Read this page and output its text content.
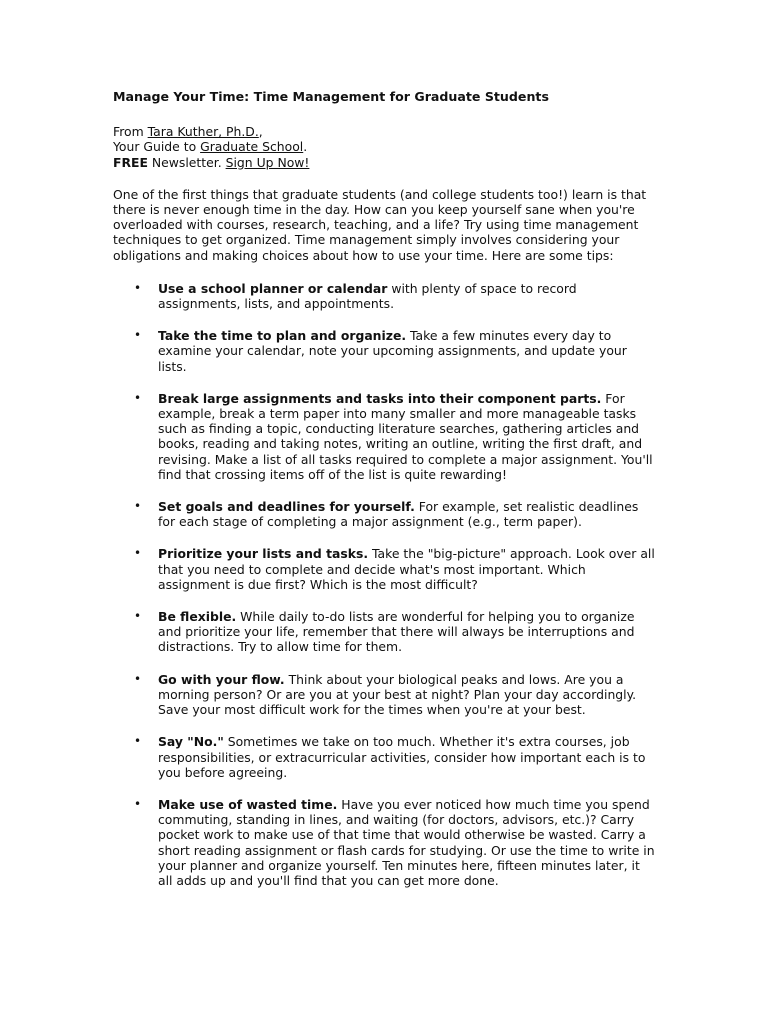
Manage Your Time: Time Management for Graduate Students
From Tara Kuther, Ph.D.,
Your Guide to Graduate School.
FREE Newsletter. Sign Up Now!

One of the first things that graduate students (and college students too!) learn is that there is never enough time in the day. How can you keep yourself sane when you're overloaded with courses, research, teaching, and a life? Try using time management techniques to get organized. Time management simply involves considering your obligations and making choices about how to use your time. Here are some tips:

• Use a school planner or calendar with plenty of space to record assignments, lists, and appointments.
• Take the time to plan and organize. Take a few minutes every day to examine your calendar, note your upcoming assignments, and update your lists.
• Break large assignments and tasks into their component parts. For example, break a term paper into many smaller and more manageable tasks such as finding a topic, conducting literature searches, gathering articles and books, reading and taking notes, writing an outline, writing the first draft, and revising. Make a list of all tasks required to complete a major assignment. You'll find that crossing items off of the list is quite rewarding!
• Set goals and deadlines for yourself. For example, set realistic deadlines for each stage of completing a major assignment (e.g., term paper).
• Prioritize your lists and tasks. Take the "big-picture" approach. Look over all that you need to complete and decide what's most important. Which assignment is due first? Which is the most difficult?
• Be flexible. While daily to-do lists are wonderful for helping you to organize and prioritize your life, remember that there will always be interruptions and distractions. Try to allow time for them.
• Go with your flow. Think about your biological peaks and lows. Are you a morning person? Or are you at your best at night? Plan your day accordingly. Save your most difficult work for the times when you're at your best.
• Say "No." Sometimes we take on too much. Whether it's extra courses, job responsibilities, or extracurricular activities, consider how important each is to you before agreeing.
• Make use of wasted time. Have you ever noticed how much time you spend commuting, standing in lines, and waiting (for doctors, advisors, etc.)? Carry pocket work to make use of that time that would otherwise be wasted. Carry a short reading assignment or flash cards for studying. Or use the time to write in your planner and organize yourself. Ten minutes here, fifteen minutes later, it all adds up and you'll find that you can get more done.
